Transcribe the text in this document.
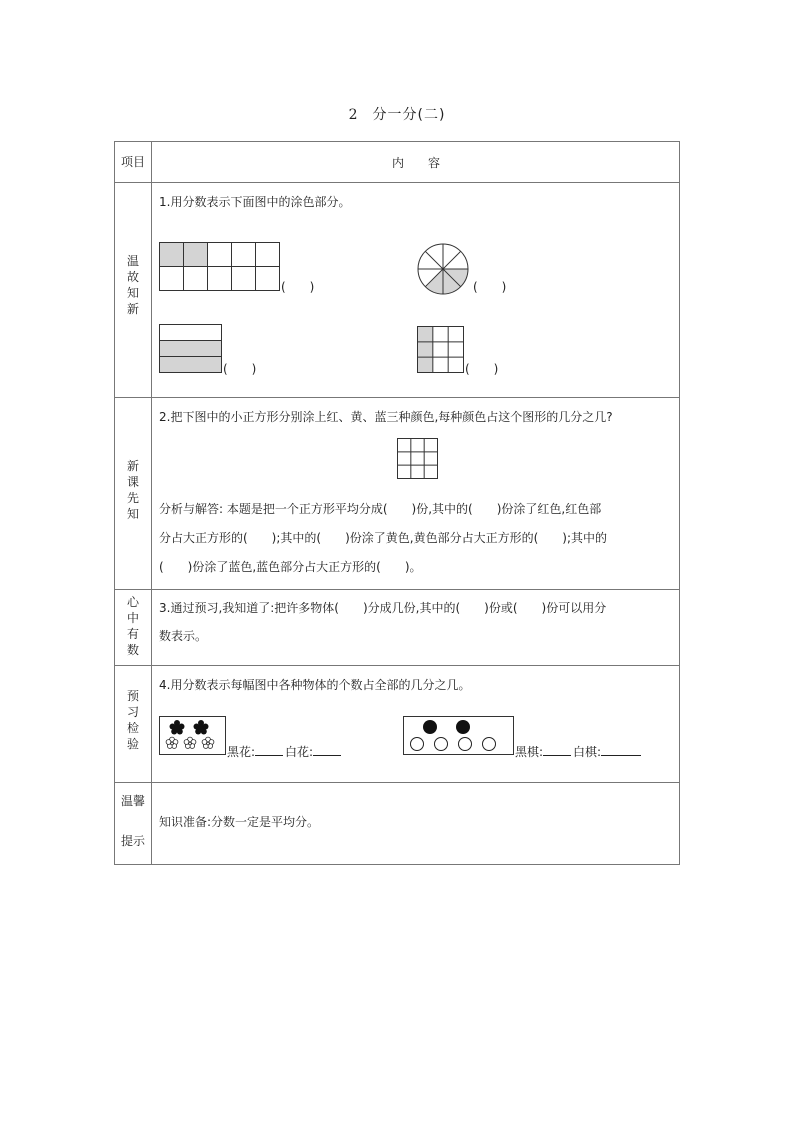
2 分一分(二)
项目	内　　容
温
故
知
新
1.用分数表示下面图中的涂色部分。
(　　)	(　　)
(　　)	(　　)
新
课
先
知
2.把下图中的小正方形分别涂上红、黄、蓝三种颜色,每种颜色占这个图形的几分之几?
分析与解答: 本题是把一个正方形平均分成(　　)份,其中的(　　)份涂了红色,红色部
分占大正方形的(　　);其中的(　　)份涂了黄色,黄色部分占大正方形的(　　);其中的
(　　)份涂了蓝色,蓝色部分占大正方形的(　　)。
心
中
有
数
3.通过预习,我知道了:把许多物体(　　)分成几份,其中的(　　)份或(　　)份可以用分
数表示。
预
习
检
验
4.用分数表示每幅图中各种物体的个数占全部的几分之几。
黑花:	白花:	黑棋:	白棋:
温馨
提示
知识准备:分数一定是平均分。
